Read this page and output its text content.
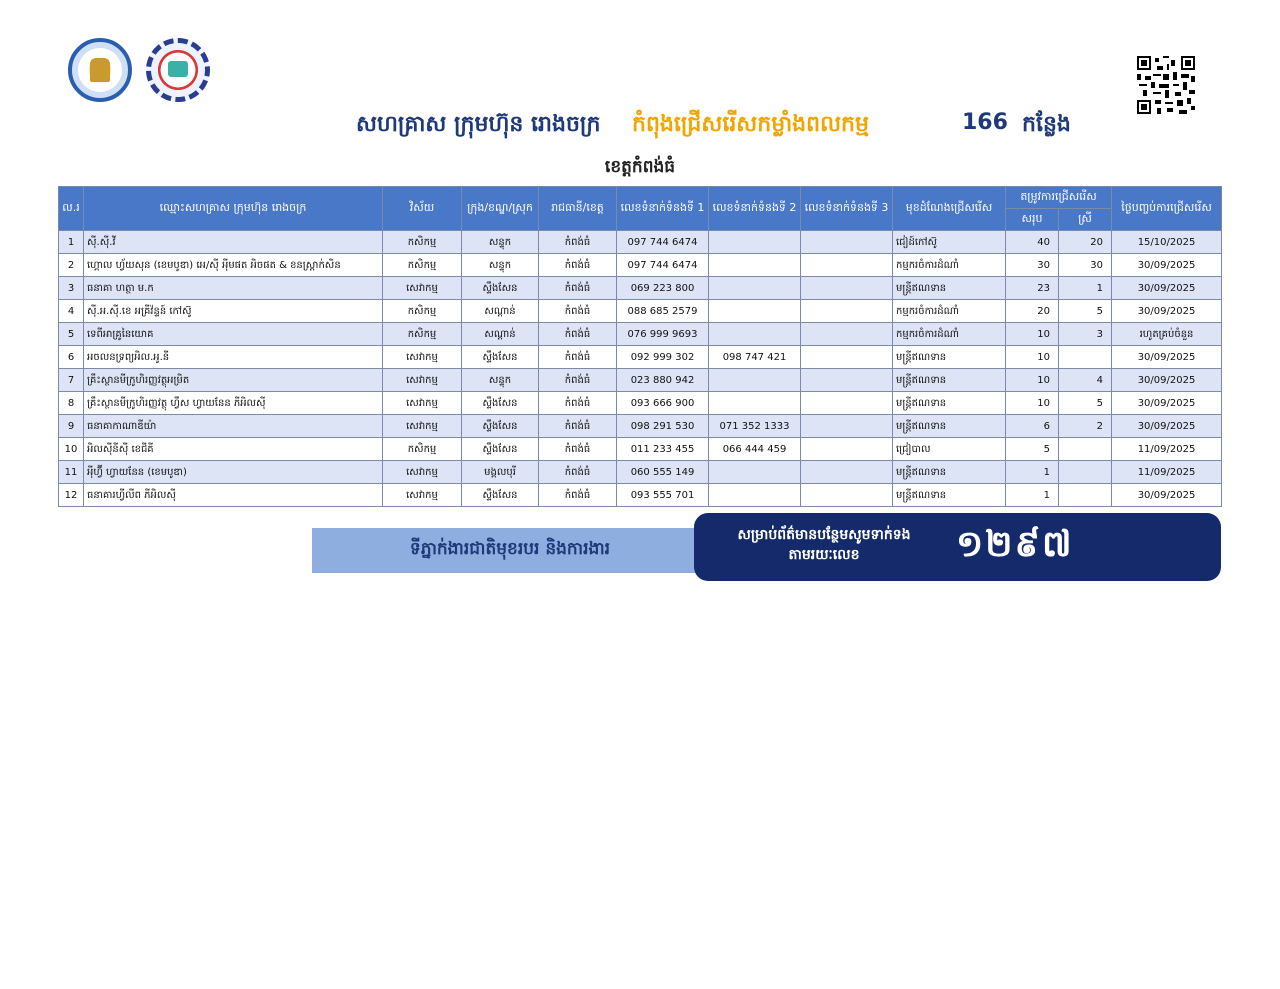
សហគ្រាស ក្រុមហ៊ុន រោងចក្រ កំពុងជ្រើសរើសកម្លាំងពលកម្ម	166 កន្លែង
ខេត្តកំពង់ធំ
ល.រ	ឈ្មោះសហគ្រាស ក្រុមហ៊ុន រោងចក្រ	វិស័យ	ក្រុង/ខណ្ឌ/ស្រុក	រាជធានី/ខេត្ត	លេខទំនាក់ទំនងទី 1	លេខទំនាក់ទំនងទី 2	លេខទំនាក់ទំនងទី 3	មុខដំណែងជ្រើសរើស	តម្រូវការជ្រើសរើស		ថ្ងៃបញ្ចប់ការជ្រើសរើស
									សរុប	ស្រី	
1	ស៊ី.ស៊ី.វី	កសិកម្ម	សន្ទុក	កំពង់ធំ	097 744 6474			ជៀដ៍កៅស៊ូ	40	20	15/10/2025
2	ហ្គោល ហ្វ័យសុន (ខេមបូឌា) អេ/ស៊ី អុីមផត អិចផត & ខនស្ត្រាក់សិន	កសិកម្ម	សន្ទុក	កំពង់ធំ	097 744 6474			កម្មករចំការដំណាំ	30	30	30/09/2025
3	ធនាគា ហត្ថា ម.ក	សេវាកម្ម	ស្ទឹងសែន	កំពង់ធំ	069 223 800			មន្ត្រីឥណទាន	23	1	30/09/2025
4	ស៊ី.អ.ស៊ី.ខេ អគ្រីវ៉ន្ទន៍ កៅស៊ូ	កសិកម្ម	សណ្ដាន់	កំពង់ធំ	088 685 2579			កម្មករចំការដំណាំ	20	5	30/09/2025
5	ទេពីអាគ្រូនៃយោគ	កសិកម្ម	សណ្ដាន់	កំពង់ធំ	076 999 9693			កម្មករចំការដំណាំ	10	3	រហូតគ្រប់ចំនួន
6	អចលនទ្រព្យអិល.អូ.នី	សេវាកម្ម	ស្ទឹងសែន	កំពង់ធំ	092 999 302	098 747 421		មន្ត្រីឥណទាន	10		30/09/2025
7	គ្រឹះស្ថានមីក្រូហិរញ្ញវត្ថុអម្រិត	សេវាកម្ម	សន្ទុក	កំពង់ធំ	023 880 942			មន្ត្រីឥណទាន	10	4	30/09/2025
8	គ្រឹះស្ថានមីក្រូហិរញ្ញវត្ថុ ហ្វឹស ហ្វាយនែន ភីអិលស៊ី	សេវាកម្ម	ស្ទឹងសែន	កំពង់ធំ	093 666 900			មន្ត្រីឥណទាន	10	5	30/09/2025
9	ធនាគាកាណាឌីយ៉ា	សេវាកម្ម	ស្ទឹងសែន	កំពង់ធំ	098 291 530	071 352 1333		មន្ត្រីឥណទាន	6	2	30/09/2025
10	អិលស៊ីនីស៊ី ខេជីគី	កសិកម្ម	ស្ទឹងសែន	កំពង់ធំ	011 233 455	066 444 459		ជ្រៀបាល	5		11/09/2025
11	អុីហ្វ៊ី ហ្វាយនែន (ខេមបូឌា)	សេវាកម្ម	មង្គលបុរី	កំពង់ធំ	060 555 149			មន្ត្រីឥណទាន	1		11/09/2025
12	ធនាគារហ្វីលីព ភីអិលស៊ី	សេវាកម្ម	ស្ទឹងសែន	កំពង់ធំ	093 555 701			មន្ត្រីឥណទាន	1		30/09/2025
ទីភ្នាក់ងារជាតិមុខរបរ និងការងារ
សម្រាប់ព័ត៌មានបន្ថែមសូមទាក់ទងតាមរយៈលេខ	១២៩៧
